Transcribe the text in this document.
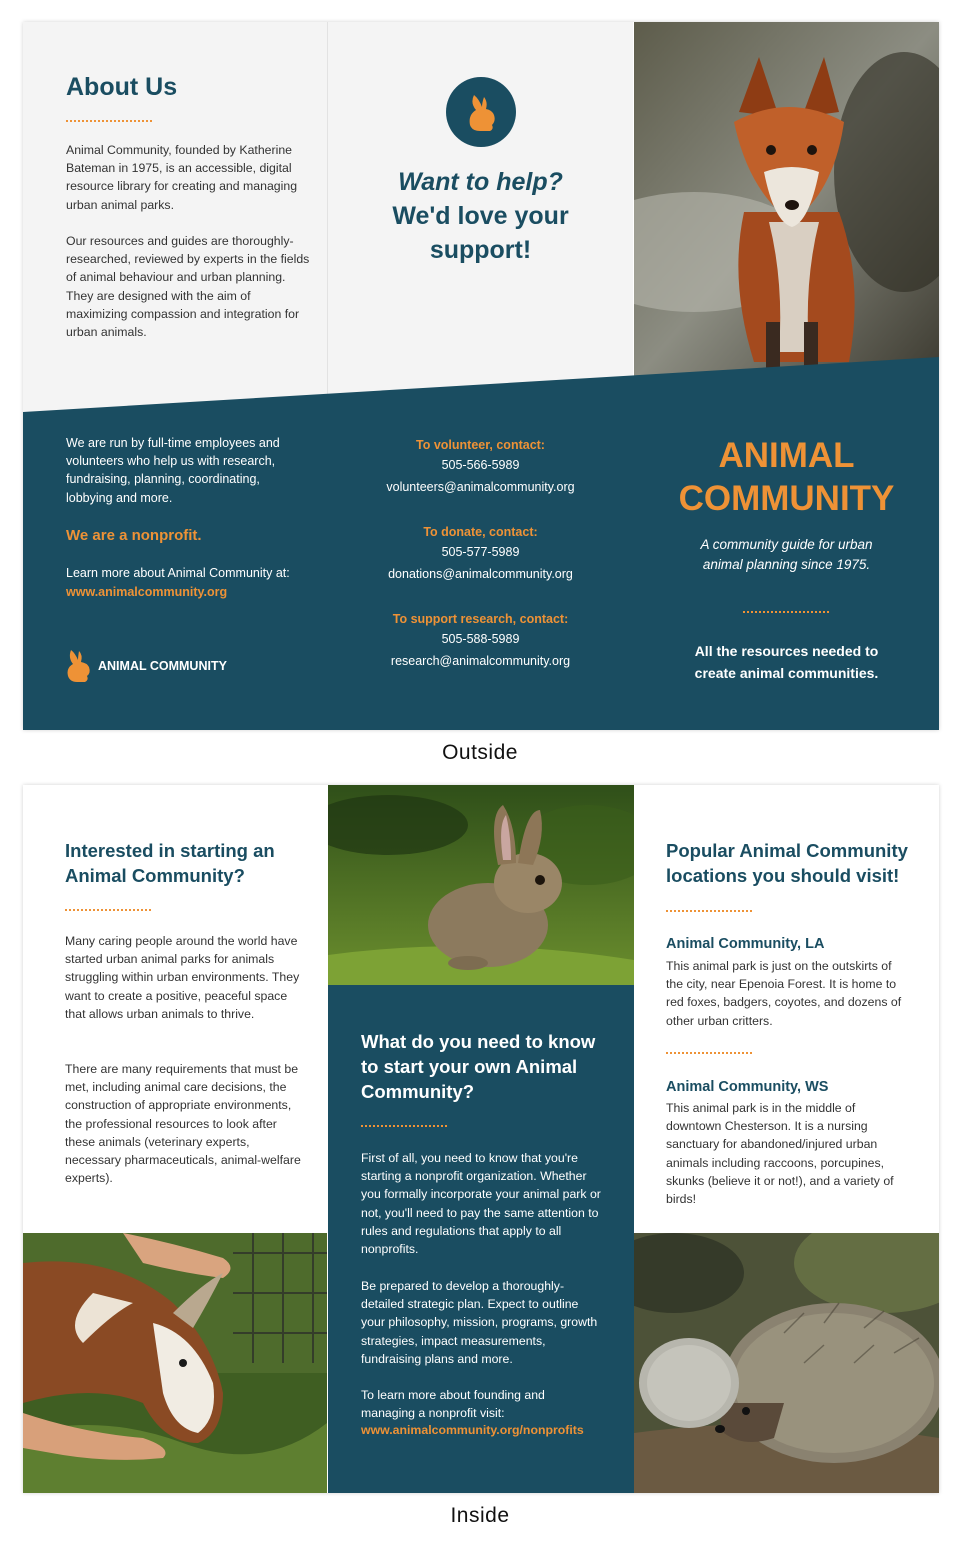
About Us
Animal Community, founded by Katherine Bateman in 1975, is an accessible, digital resource library for creating and managing urban animal parks.
Our resources and guides are thoroughly-researched, reviewed by experts in the fields of animal behaviour and urban planning. They are designed with the aim of maximizing compassion and integration for urban animals.
Want to help?
We'd love your
support!
We are run by full-time employees and volunteers who help us with research, fundraising, planning, coordinating, lobbying and more.
We are a nonprofit.
Learn more about Animal Community at:
www.animalcommunity.org
ANIMAL COMMUNITY
To volunteer, contact:
505-566-5989
volunteers@animalcommunity.org
To donate, contact:
505-577-5989
donations@animalcommunity.org
To support research, contact:
505-588-5989
research@animalcommunity.org
ANIMAL
COMMUNITY
A community guide for urban animal planning since 1975.
All the resources needed to create animal communities.
Outside
Interested in starting an Animal Community?
Many caring people around the world have started urban animal parks for animals struggling within urban environments. They want to create a positive, peaceful space that allows urban animals to thrive.
There are many requirements that must be met, including animal care decisions, the construction of appropriate environments, the professional resources to look after these animals (veterinary experts, necessary pharmaceuticals, animal-welfare experts).
What do you need to know to start your own Animal Community?
First of all, you need to know that you're starting a nonprofit organization. Whether you formally incorporate your animal park or not, you'll need to pay the same attention to rules and regulations that apply to all nonprofits.
Be prepared to develop a thoroughly-detailed strategic plan. Expect to outline your philosophy, mission, programs, growth strategies, impact measurements, fundraising plans and more.
To learn more about founding and managing a nonprofit visit:
www.animalcommunity.org/nonprofits
Popular Animal Community locations you should visit!
Animal Community, LA
This animal park is just on the outskirts of the city, near Epenoia Forest. It is home to red foxes, badgers, coyotes, and dozens of other urban critters.
Animal Community, WS
This animal park is in the middle of downtown Chesterson. It is a nursing sanctuary for abandoned/injured urban animals including raccoons, porcupines, skunks (believe it or not!), and a variety of birds!
Inside
